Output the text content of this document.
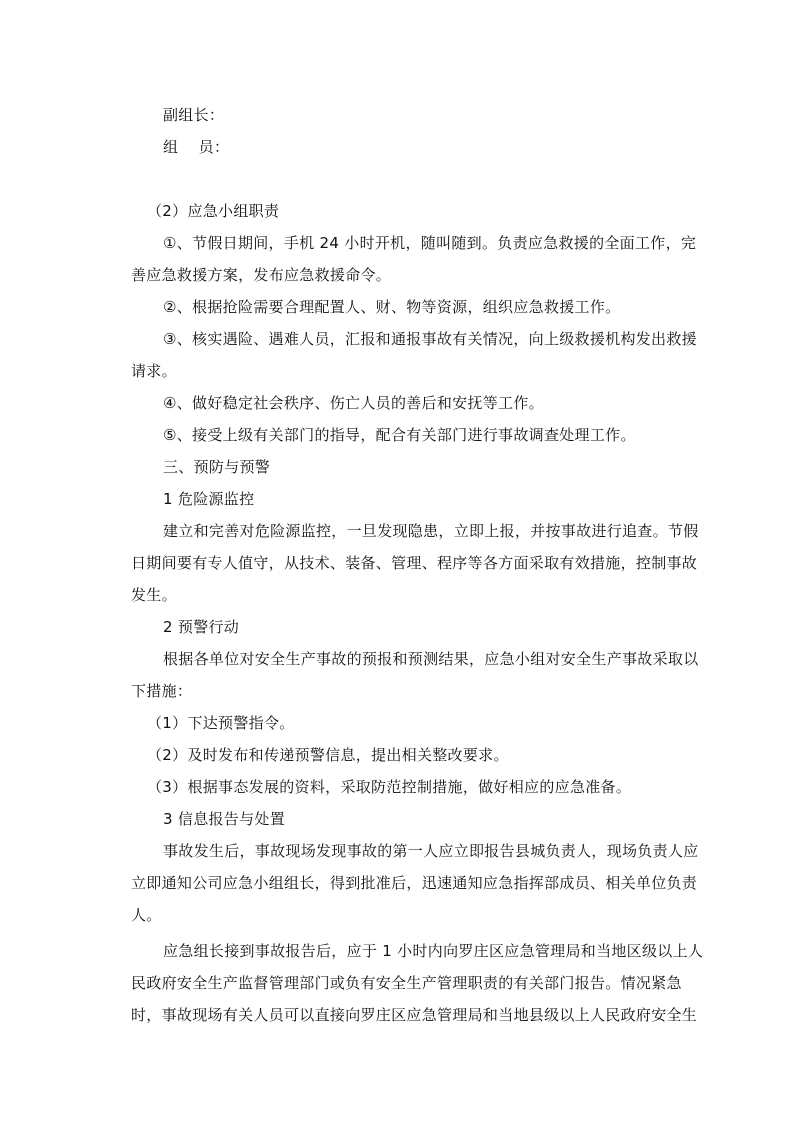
副组长：
组　 员：
（2）应急小组职责
①、节假日期间，手机 24 小时开机，随叫随到。负责应急救援的全面工作，完
善应急救援方案，发布应急救援命令。
②、根据抢险需要合理配置人、财、物等资源，组织应急救援工作。
③、核实遇险、遇难人员，汇报和通报事故有关情况，向上级救援机构发出救援
请求。
④、做好稳定社会秩序、伤亡人员的善后和安抚等工作。
⑤、接受上级有关部门的指导，配合有关部门进行事故调查处理工作。
三、预防与预警
1 危险源监控
建立和完善对危险源监控，一旦发现隐患，立即上报，并按事故进行追查。节假
日期间要有专人值守，从技术、装备、管理、程序等各方面采取有效措施，控制事故
发生。
2 预警行动
根据各单位对安全生产事故的预报和预测结果，应急小组对安全生产事故采取以
下措施：
（1）下达预警指令。
（2）及时发布和传递预警信息，提出相关整改要求。
（3）根据事态发展的资料，采取防范控制措施，做好相应的应急准备。
3 信息报告与处置
事故发生后，事故现场发现事故的第一人应立即报告县城负责人，现场负责人应
立即通知公司应急小组组长，得到批准后，迅速通知应急指挥部成员、相关单位负责
人。
应急组长接到事故报告后，应于 1 小时内向罗庄区应急管理局和当地区级以上人
民政府安全生产监督管理部门或负有安全生产管理职责的有关部门报告。情况紧急
时，事故现场有关人员可以直接向罗庄区应急管理局和当地县级以上人民政府安全生
